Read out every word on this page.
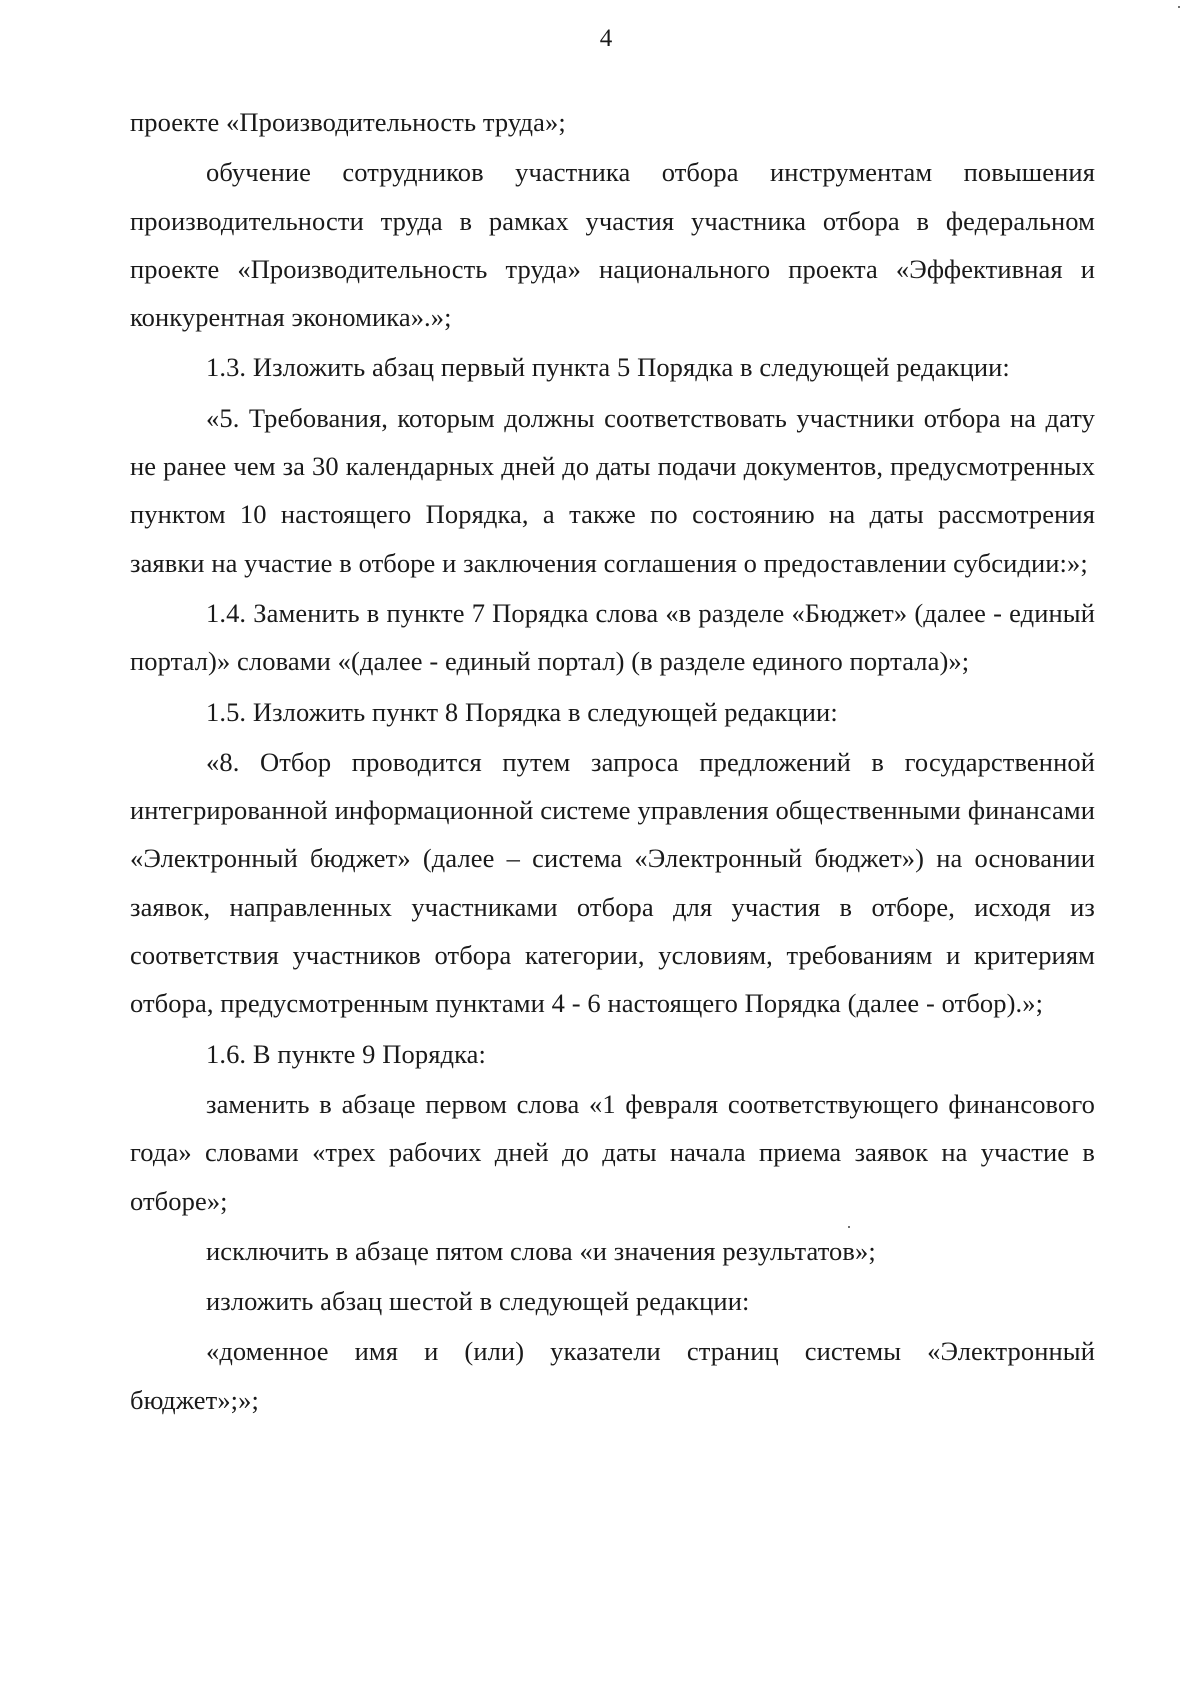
4

проекте «Производительность труда»;

обучение сотрудников участника отбора инструментам повышения производительности труда в рамках участия участника отбора в федеральном проекте «Производительность труда» национального проекта «Эффективная и конкурентная экономика».»;

1.3. Изложить абзац первый пункта 5 Порядка в следующей редакции:

«5. Требования, которым должны соответствовать участники отбора на дату не ранее чем за 30 календарных дней до даты подачи документов, предусмотренных пунктом 10 настоящего Порядка, а также по состоянию на даты рассмотрения заявки на участие в отборе и заключения соглашения о предоставлении субсидии:»;

1.4. Заменить в пункте 7 Порядка слова «в разделе «Бюджет» (далее - единый портал)» словами «(далее - единый портал) (в разделе единого портала)»;

1.5. Изложить пункт 8 Порядка в следующей редакции:

«8. Отбор проводится путем запроса предложений в государственной интегрированной информационной системе управления общественными финансами «Электронный бюджет» (далее – система «Электронный бюджет») на основании заявок, направленных участниками отбора для участия в отборе, исходя из соответствия участников отбора категории, условиям, требованиям и критериям отбора, предусмотренным пунктами 4 - 6 настоящего Порядка (далее - отбор).»;

1.6. В пункте 9 Порядка:

заменить в абзаце первом слова «1 февраля соответствующего финансового года» словами «трех рабочих дней до даты начала приема заявок на участие в отборе»;

исключить в абзаце пятом слова «и значения результатов»;

изложить абзац шестой в следующей редакции:

«доменное имя и (или) указатели страниц системы «Электронный бюджет»;»;
